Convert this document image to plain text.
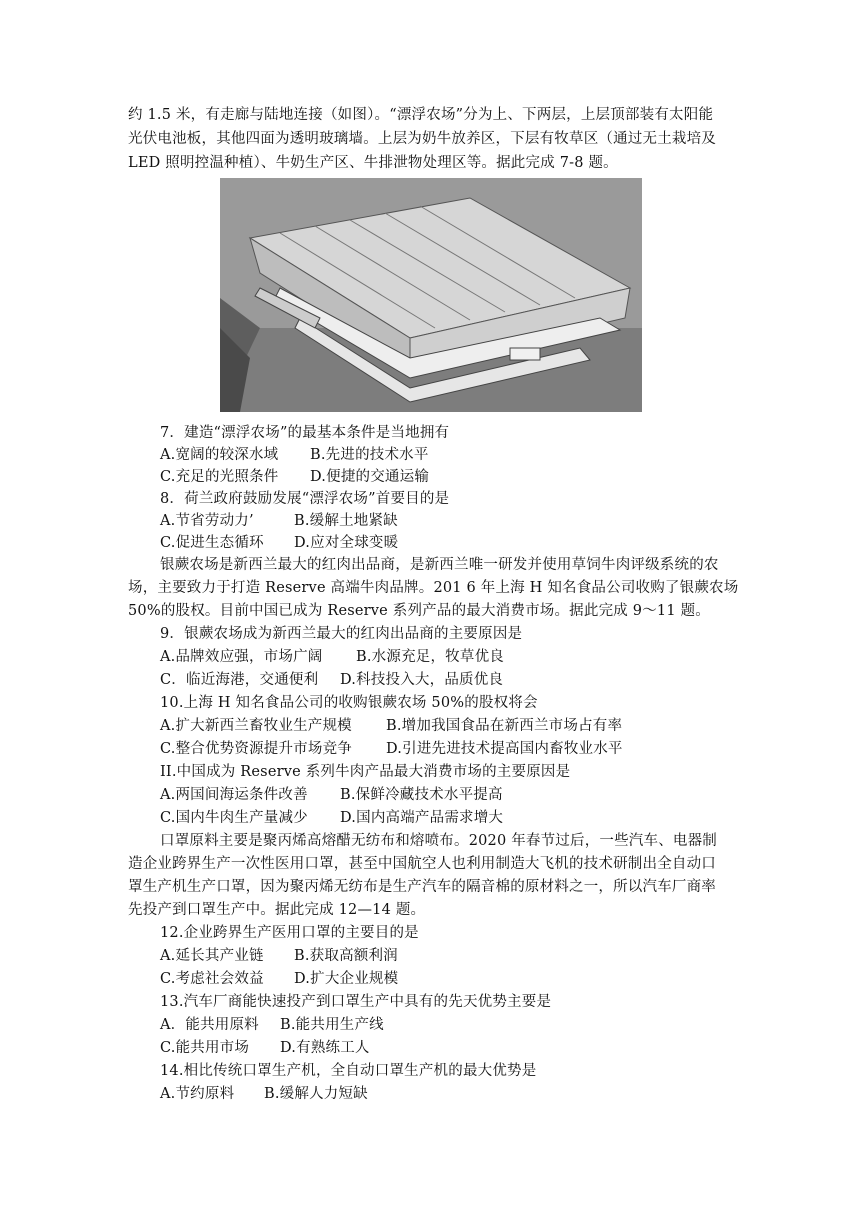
约 1.5 米，有走廊与陆地连接（如图）。“漂浮农场”分为上、下两层，上层顶部装有太阳能
光伏电池板，其他四面为透明玻璃墙。上层为奶牛放养区，下层有牧草区（通过无土栽培及
LED 照明控温种植）、牛奶生产区、牛排泄物处理区等。据此完成 7-8 题。
7．建造“漂浮农场”的最基本条件是当地拥有
A.宽阔的较深水域 B.先进的技术水平
C.充足的光照条件 D.便捷的交通运输
8．荷兰政府鼓励发展“漂浮农场”首要目的是
A.节省劳动力’	B.缓解土地紧缺
C.促进生态循环 D.应对全球变暖
银蕨农场是新西兰最大的红肉出品商，是新西兰唯一研发并使用草饲牛肉评级系统的农
场，主要致力于打造 Reserve 高端牛肉品牌。201 6 年上海 H 知名食品公司收购了银蕨农场
50%的股权。目前中国已成为 Reserve 系列产品的最大消费市场。据此完成 9～11 题。
9．银蕨农场成为新西兰最大的红肉出品商的主要原因是
A.品牌效应强，市场广阔 B.水源充足，牧草优良
C．临近海港，交通便利 D.科技投入大，品质优良
10.上海 H 知名食品公司的收购银蕨农场 50%的股权将会
A.扩大新西兰畜牧业生产规模 B.增加我国食品在新西兰市场占有率
C.整合优势资源提升市场竞争 D.引进先进技术提高国内畜牧业水平
II.中国成为 Reserve 系列牛肉产品最大消费市场的主要原因是
A.两国间海运条件改善 B.保鲜冷藏技术水平提高
C.国内牛肉生产量减少 D.国内高端产品需求增大
口罩原料主要是聚丙烯高熔醋无纺布和熔喷布。2020 年春节过后，一些汽车、电器制
造企业跨界生产一次性医用口罩，甚至中国航空人也利用制造大飞机的技术研制出全自动口
罩生产机生产口罩，因为聚丙烯无纺布是生产汽车的隔音棉的原材料之一，所以汽车厂商率
先投产到口罩生产中。据此完成 12—14 题。
12.企业跨界生产医用口罩的主要目的是
A.延长其产业链 B.获取高额利润
C.考虑社会效益 D.扩大企业规模
13.汽车厂商能快速投产到口罩生产中具有的先天优势主要是
A．能共用原料 B.能共用生产线
C.能共用市场 D.有熟练工人
14.相比传统口罩生产机，全自动口罩生产机的最大优势是
A.节约原料 B.缓解人力短缺
